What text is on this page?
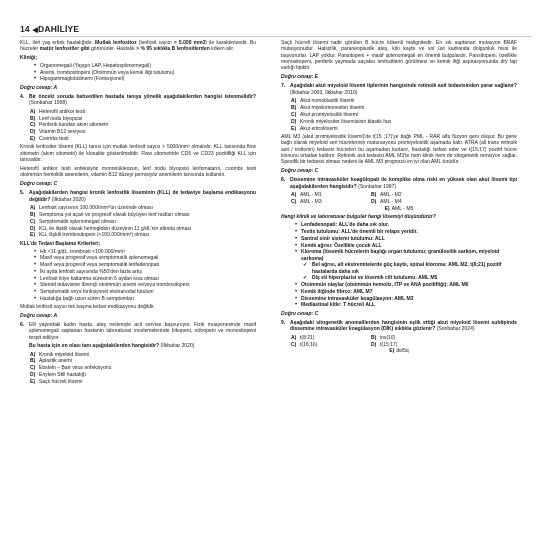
14 ◀DAHİLİYE

KLL, ileri yaş erkek hastalığıdır. Mutlak lenfositoz (lenfosit sayısı > 5.000 mm3) ile karakterizedir. Bu hücreler matür lenfositler gibi görünürler. Hastalık > % 95 sıklıkla B lenfositlerden köken alır.

Kliniği;
• Organomegali (Yaygın LAP, Hepatosplenomegali)
• Anemi, trombositopeni (Otoimmün veya kemik iliği tutulumu)
• Hipogammaglobülinemi (Fonksiyonel)
Doğru cevap: A
4. Bir önceki soruda bahsedilen hastada tanıya yönelik aşağıdakilerden hangisi istenmelidir? (Sonbahar 1998)
A) Heterofil antikor testi
B) Lenf nodu biyopsisi
C) Periferik kandan akım sitometri
D) Vitamin B12 seviyesi
E) Coombs testi

Kronik lenfositer lösemi (KLL) tanısı için mutlak lenfosit sayısı > 5000/mm³ olmalıdır. KLL tanısında flow sitometri (akım sitometri) ile klonalite gösterilmelidir. Flow sitometride CD5 ve CD23 pozitifliği KLL için tanısaldır.

Heterofil antikor testi enfeksiyöz mononükleozun, lenf nodu biyopsisi lenfomaların, coombs testi otoimmün hemolitik anemilerin, vitamin B12 düzeyi pernisiyöz anemilerin tanısında kullanılır.

Doğru cevap: C
5. Aşağıdakilerden hangisi kronik lenfositik löseminin (KLL) de tedaviye başlama endikasyonu değildir? (İlkbahar 2020)
A) Lenfosit sayısının 100.000/mm³'ün üzerinde olması
B) Semptoma yol açan ve progresif olarak büyüyen lenf nodları olması
C) Semptomatik splenomegali olması
D) KLL ile ilişkili olarak hemoglobin düzeyinin 11 g/dL'nin altında olması
E) KLL ilişkili trombositopeni (<100.000/mm³) olması
KLL'de Tedavi Başlama Kriterleri;
• Hb <11 g/dL, trombosit <100.000/mm³
• Masif veya progresif veya semptomatik splenomegali
• Masif veya progresif veya semptomatik lenfadenopati
• İki ayda lenfosit sayısında %50'den fazla artış
• Lenfosit ikiye katlanma süresinin 6 aydan kısa olması
• Steroid tedavisine dirençli otoimmün anemi ve/veya trombositopeni
• Semptomatik veya fonksiyonel ekstranodal tutulum
• Hastalığa bağlı uzun süren B semptomları

Mutlak lenfosit sayısı tek başına tedavi endikasyonu değildir.

Doğru cevap: A
6. Elli yaşındaki kadın hasta, ateş nedeniyle acil servise başvuruyor. Fizik muayenesinde masif splenomegali saptanan hastanın laboratuvar incelemelerinde lökopeni, nötropeni ve monositopeni tespit ediliyor.
Bu hasta için en olası tanı aşağıdakilerden hangisidir? (İlkbahar 2020)
A) Kronik miyeloid lösemi
B) Aplastik anemi
C) Ebstein – Barr virus enfeksiyonu
D) Enyken Still hastalığı
E) Saçlı hücreli lösemi

Saçlı hücreli lösemi nadir görülen B hücre kökenli malignitedir. En sık saptanan mutasyon BRAF mutasyonudur. Halsizlik, paraneoplastik ateş, kilo kaybı ve sol üst kadranda dolgunluk hissi ile başvururlar. LAP yoktur. Pansitopeni + masif splenomegali en önemli bulgulardır. Pansitopeni, özellikle monositopeni, periferik yaymada saçaksı lenfositlerin görülmesi ve kemik iliği aspirasyonunda dry tap varlığı tipiktir.

Doğru cevap: E
7. Aşağıdaki akut miyeloid lösemi tiplerinin hangisinde retinoik asit tedavisinden yarar sağlanır? (İlkbahar 2003, İlkbahar 2010)
A) Akut monoblastik lösemi
B) Akut miyelomonositer lösemi
C) Akut promiyelositik lösemi
D) Kronik miyelositer lösemisinin blastik fazı
E) Akut eritrolösemi

AML M3 (akut promiyelositik lösemi)'de t(15 ;17)'ye bağlı PML - RAR alfa füzyon geni oluşur. Bu gene bağlı olarak miyeloid seri hücrelerinin maturasyonu promiyelositik aşamada kalır. ATRA (all trans retinoik asit / tretionin) tedavisi hücreleri bu aşamadan kurtarır, hastalığı tedavi eder ve t(15;17) pozitif hücre klonunu ortadan kaldırır. Retinoik asit tedavisi AML M3'te hem klinik hem de sitogenetik remisyon sağlar. Spesifik bir tedavisi olması nedeni ile AML M3 prognozu en iyi olan AML türüdür.

Doğru cevap: C
8. Dissemine intravasküler koagülopati ile komplike olma riski en yüksek olan akut lösemi tipi aşağıdakilerden hangisidir? (Sonbahar 1997)
A) AML - M1	B) AML - M2
C) AML - M3	D) AML - M4
E) AML - M5
Hangi klinik ve laboratuvar bulgular hangi lösemiyi düşündürür?
• Lenfadenopati: ALL'de daha sık olur.
• Testis tutulumu: ALL'de önemli bir relaps yeridir.
• Santral sinir sistemi tutulumu: ALL
• Kemik ağrısı: Özellikle çocuk ALL
• Kloroma (lösemik hücrelerin başlığı organ tutulumu; granülositik sarkom, miyeloid sarkoma)
✔ Bel ağrısı, alt ekstremitelerde güç kaybı, spinal kloroma: AML M2, t(8;21) pozitif hastalarda daha sık
✔ Diş eti hiperplazisi ve lösemik cilt tutulumu: AML M5
• Otoimmün olaylar (otoimmün hemoliz, ITP ve ANA pozitifliği): AML M6
• Kemik iliğinde fibroz: AML M7
• Dissemine intravasküler koagülasyon: AML M3
• Mediastinal kitle: T hücreli ALL
Doğru cevap: C
9. Aşağıdaki sitogenetik anomalilerden hangisinin eşlik ettiği akut miyeloid lösemi subtipinde dissemine intravasküler koagülasyon (DİK) sıklıkla gözlenir? (Sonbahar 2024)
A) t(8;21)	B) inv(16)
C) t(16;16)	D) t(15;17)
E) del5q
